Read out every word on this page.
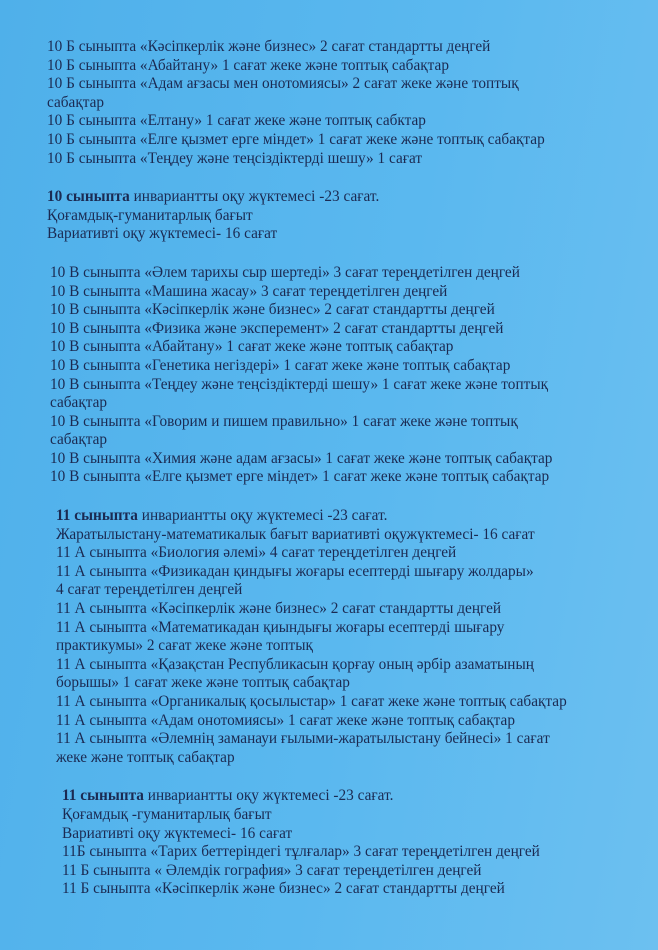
10 Б сыныпта «Кәсіпкерлік және бизнес» 2 сағат стандартты деңгей
10 Б сыныпта «Абайтану» 1 сағат жеке және топтық сабақтар
10 Б сыныпта «Адам ағзасы мен онотомиясы» 2 сағат жеке және топтық
сабақтар
10 Б сыныпта «Елтану» 1 сағат жеке және топтық сабктар
10 Б сыныпта «Елге қызмет ерге міндет» 1 сағат жеке және топтық сабақтар
10 Б сыныпта «Теңдеу және теңсіздіктерді шешу» 1 сағат
10 сыныпта инвариантты оқу жүктемесі -23 сағат.
Қоғамдық-гуманитарлық бағыт
Вариативті оқу жүктемесі- 16 сағат
10 В сыныпта «Әлем тарихы сыр шертеді» 3 сағат тереңдетілген деңгей
10 В сыныпта «Машина жасау» 3 сағат тереңдетілген деңгей
10 В сыныпта «Кәсіпкерлік және бизнес» 2 сағат стандартты деңгей
10 В сыныпта «Физика және эксперемент» 2 сағат стандартты деңгей
10 В сыныпта «Абайтану» 1 сағат жеке және топтық сабақтар
10 В сыныпта «Генетика негіздері» 1 сағат жеке және топтық сабақтар
10 В сыныпта «Теңдеу және теңсіздіктерді шешу» 1 сағат жеке және топтық
сабақтар
10 В сыныпта «Говорим и пишем правильно» 1 сағат жеке және топтық
сабақтар
10 В сыныпта «Химия және адам ағзасы» 1 сағат жеке және топтық сабақтар
10 В сыныпта «Елге қызмет ерге міндет» 1 сағат жеке және топтық сабақтар
11 сыныпта инвариантты оқу жүктемесі -23 сағат.
Жаратылыстану-математикалык бағыт вариативті оқужүктемесі- 16 сағат
11 А сыныпта «Биология әлемі» 4 сағат тереңдетілген деңгей
11 А сыныпта «Физикадан қиндығы жоғары есептерді шығару жолдары»
4 сағат тереңдетілген деңгей
11 А сыныпта «Кәсіпкерлік және бизнес» 2 сағат стандартты деңгей
11 А сыныпта «Математикадан қиындығы жоғары есептерді шығару
практикумы» 2 сағат жеке және топтық
11 А сыныпта «Қазақстан Республикасын қорғау оның әрбір азаматының
борышы» 1 сағат жеке және топтық сабақтар
11 А сыныпта «Органикалық қосылыстар» 1 сағат жеке және топтық сабақтар
11 А сыныпта «Адам онотомиясы» 1 сағат жеке және топтық сабақтар
11 А сыныпта «Әлемнің заманауи ғылыми-жаратылыстану бейнесі» 1 сағат
жеке және топтық сабақтар
11 сыныпта инвариантты оқу жүктемесі -23 сағат.
Қоғамдық -гуманитарлық бағыт
Вариативті оқу жүктемесі- 16 сағат
11Б сыныпта «Тарих беттеріндегі тұлғалар» 3 сағат тереңдетілген деңгей
11 Б сыныпта « Әлемдік гография» 3 сағат тереңдетілген деңгей
11 Б сыныпта «Кәсіпкерлік және бизнес» 2 сағат стандартты деңгей
